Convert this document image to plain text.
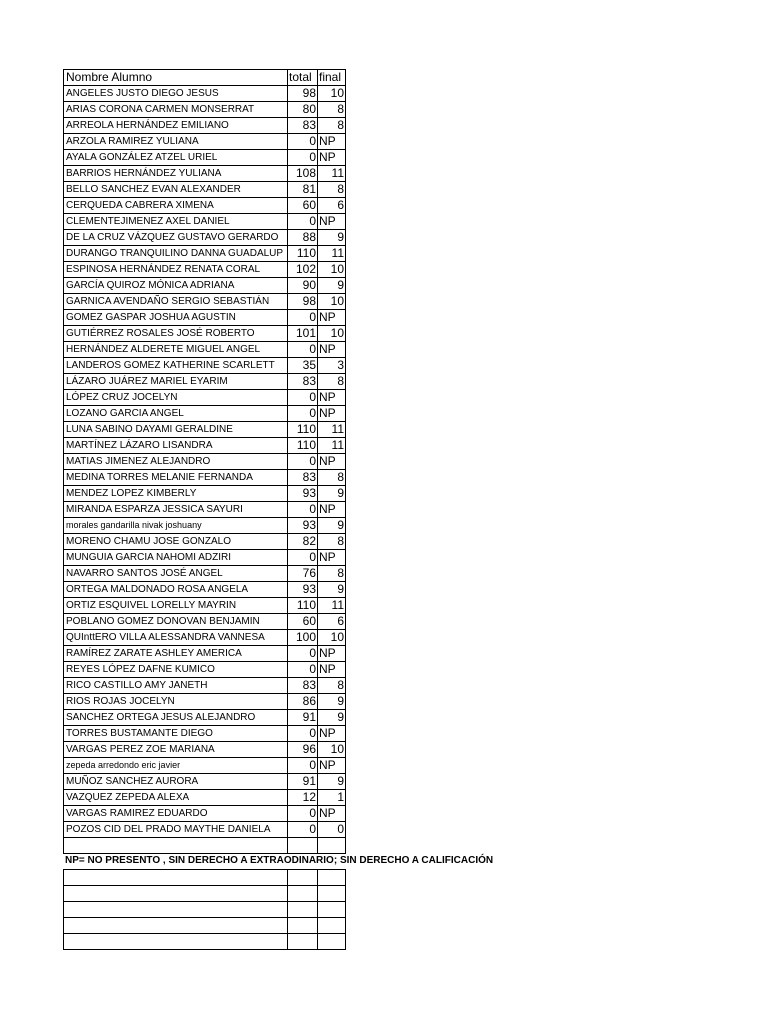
Nombre Alumno	total	final
ANGELES JUSTO DIEGO JESUS	98	10
ARIAS CORONA CARMEN MONSERRAT	80	8
ARREOLA HERNÁNDEZ EMILIANO	83	8
ARZOLA RAMIREZ YULIANA	0	NP
AYALA GONZÁLEZ ATZEL URIEL	0	NP
BARRIOS HERNÁNDEZ YULIANA	108	11
BELLO SANCHEZ EVAN ALEXANDER	81	8
CERQUEDA CABRERA XIMENA	60	6
CLEMENTEJIMENEZ AXEL DANIEL	0	NP
DE LA CRUZ VÁZQUEZ GUSTAVO GERARDO	88	9
DURANGO TRANQUILINO DANNA GUADALUP	110	11
ESPINOSA HERNÁNDEZ RENATA CORAL	102	10
GARCÍA QUIROZ MÓNICA ADRIANA	90	9
GARNICA AVENDAÑO SERGIO SEBASTIÁN	98	10
GOMEZ GASPAR JOSHUA AGUSTIN	0	NP
GUTIÉRREZ ROSALES JOSÉ ROBERTO	101	10
HERNÁNDEZ ALDERETE MIGUEL ANGEL	0	NP
LANDEROS GOMEZ KATHERINE SCARLETT	35	3
LÁZARO JUÁREZ MARIEL EYARIM	83	8
LÓPEZ CRUZ JOCELYN	0	NP
LOZANO GARCIA ANGEL	0	NP
LUNA SABINO DAYAMI GERALDINE	110	11
MARTÍNEZ LÁZARO LISANDRA	110	11
MATIAS JIMENEZ ALEJANDRO	0	NP
MEDINA TORRES MELANIE FERNANDA	83	8
MENDEZ LOPEZ KIMBERLY	93	9
MIRANDA ESPARZA JESSICA SAYURI	0	NP
morales gandarilla nivak joshuany	93	9
MORENO CHAMU JOSE GONZALO	82	8
MUNGUIA GARCIA NAHOMI ADZIRI	0	NP
NAVARRO SANTOS JOSÉ ANGEL	76	8
ORTEGA MALDONADO ROSA ANGELA	93	9
ORTIZ ESQUIVEL LORELLY MAYRIN	110	11
POBLANO GOMEZ DONOVAN BENJAMIN	60	6
QUInttERO VILLA ALESSANDRA VANNESA	100	10
RAMÍREZ ZARATE ASHLEY AMERICA	0	NP
REYES LÓPEZ DAFNE KUMICO	0	NP
RICO CASTILLO AMY JANETH	83	8
RIOS ROJAS JOCELYN	86	9
SANCHEZ ORTEGA JESUS ALEJANDRO	91	9
TORRES BUSTAMANTE DIEGO	0	NP
VARGAS PEREZ ZOE MARIANA	96	10
zepeda arredondo eric javier	0	NP
MUÑOZ SANCHEZ AURORA	91	9
VAZQUEZ ZEPEDA ALEXA	12	1
VARGAS RAMIREZ EDUARDO	0	NP
POZOS CID DEL PRADO MAYTHE DANIELA	0	0

NP= NO PRESENTO , SIN DERECHO A EXTRAODINARIO; SIN DERECHO A CALIFICACIÓN
